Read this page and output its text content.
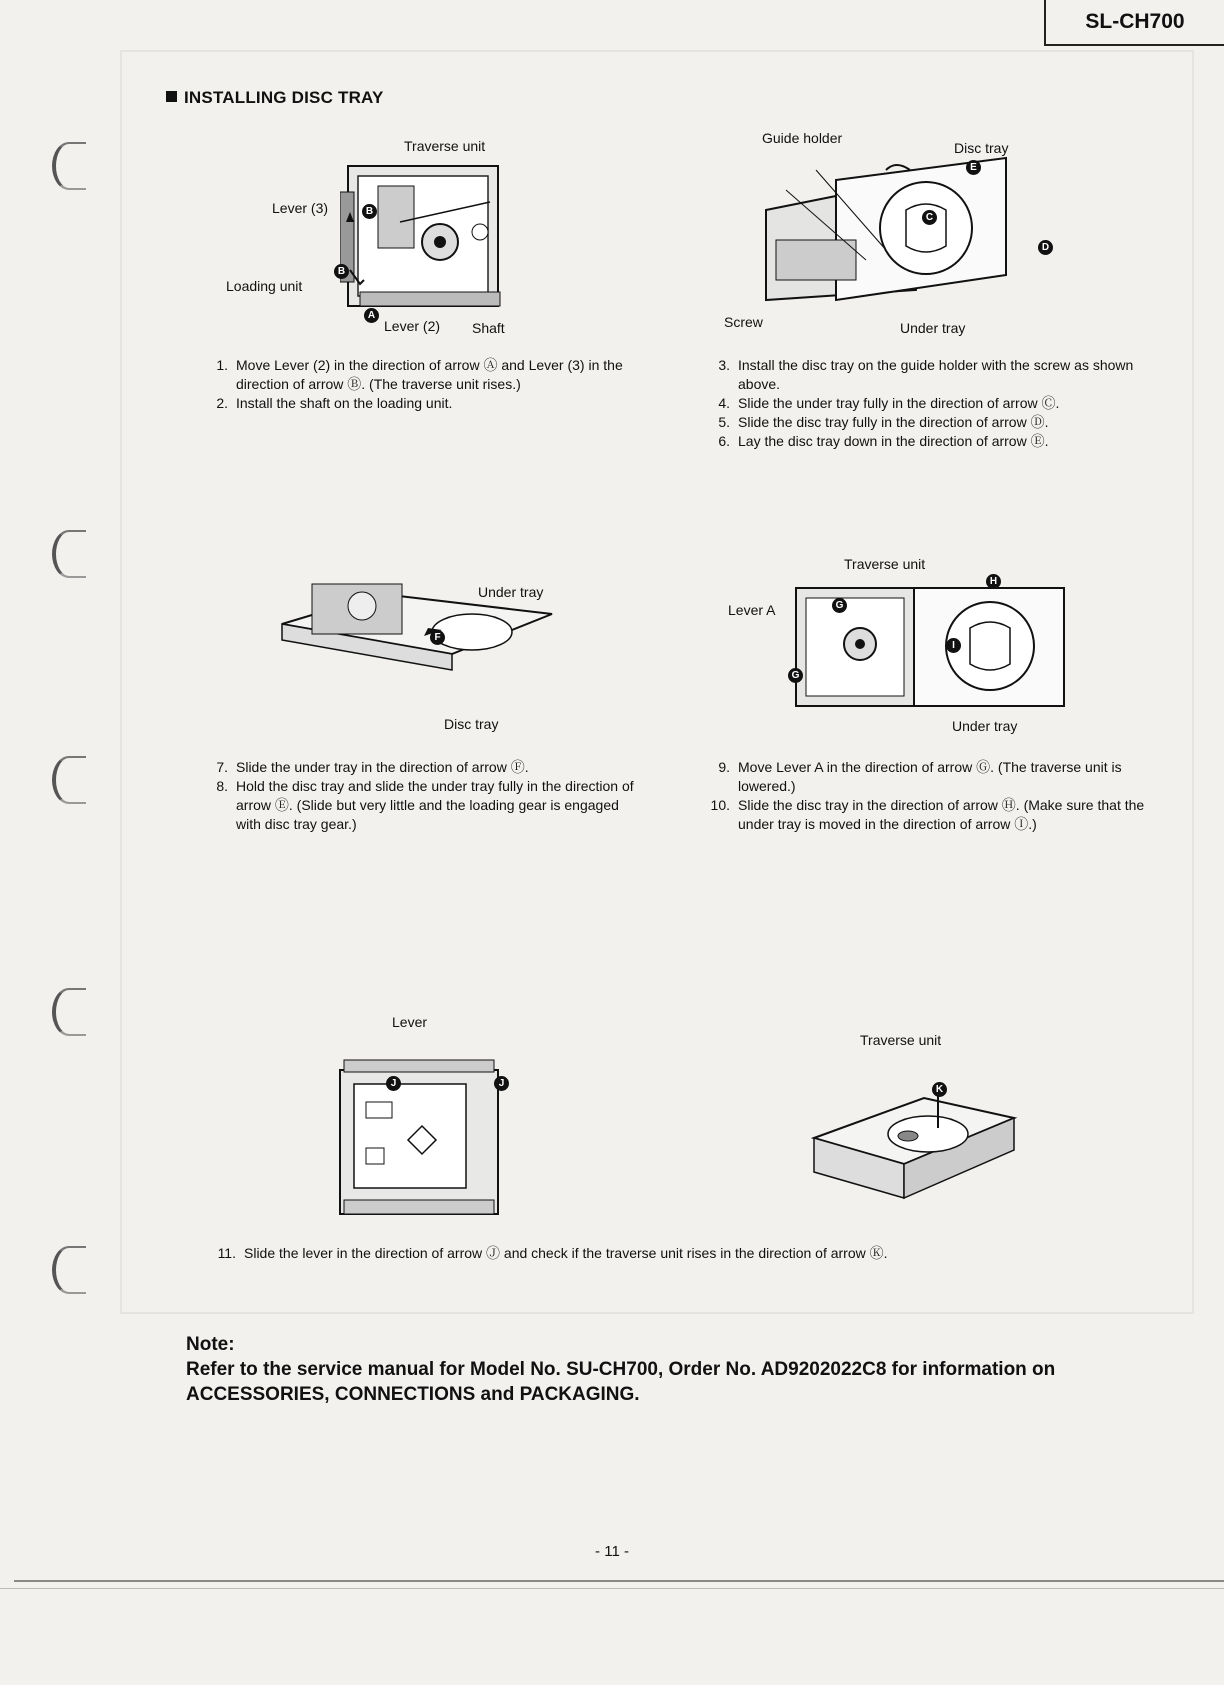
SL-CH700
INSTALLING DISC TRAY
Traverse unit
Lever (3)
Loading unit
Lever (2) Shaft
B
B
A
Guide holder
Disc tray
Screw	Under tray
E
C
D
1. Move Lever (2) in the direction of arrow Ⓐ and Lever (3) in the direction of arrow Ⓑ. (The traverse unit rises.)
2. Install the shaft on the loading unit.
3. Install the disc tray on the guide holder with the screw as shown above.
4. Slide the under tray fully in the direction of arrow Ⓒ.
5. Slide the disc tray fully in the direction of arrow Ⓓ.
6. Lay the disc tray down in the direction of arrow Ⓔ.
Under tray
Disc tray
F
Traverse unit
Lever A
Under tray
G
G
H
I
7. Slide the under tray in the direction of arrow Ⓕ.
8. Hold the disc tray and slide the under tray fully in the direction of arrow Ⓔ. (Slide but very little and the loading gear is engaged with disc tray gear.)
9. Move Lever A in the direction of arrow Ⓖ. (The traverse unit is lowered.)
10. Slide the disc tray in the direction of arrow Ⓗ. (Make sure that the under tray is moved in the direction of arrow Ⓘ.)
Lever
J	J
Traverse unit
K
11. Slide the lever in the direction of arrow Ⓙ and check if the traverse unit rises in the direction of arrow Ⓚ.
Note:
Refer to the service manual for Model No. SU-CH700, Order No. AD9202022C8 for information on ACCESSORIES, CONNECTIONS and PACKAGING.
- 11 -
